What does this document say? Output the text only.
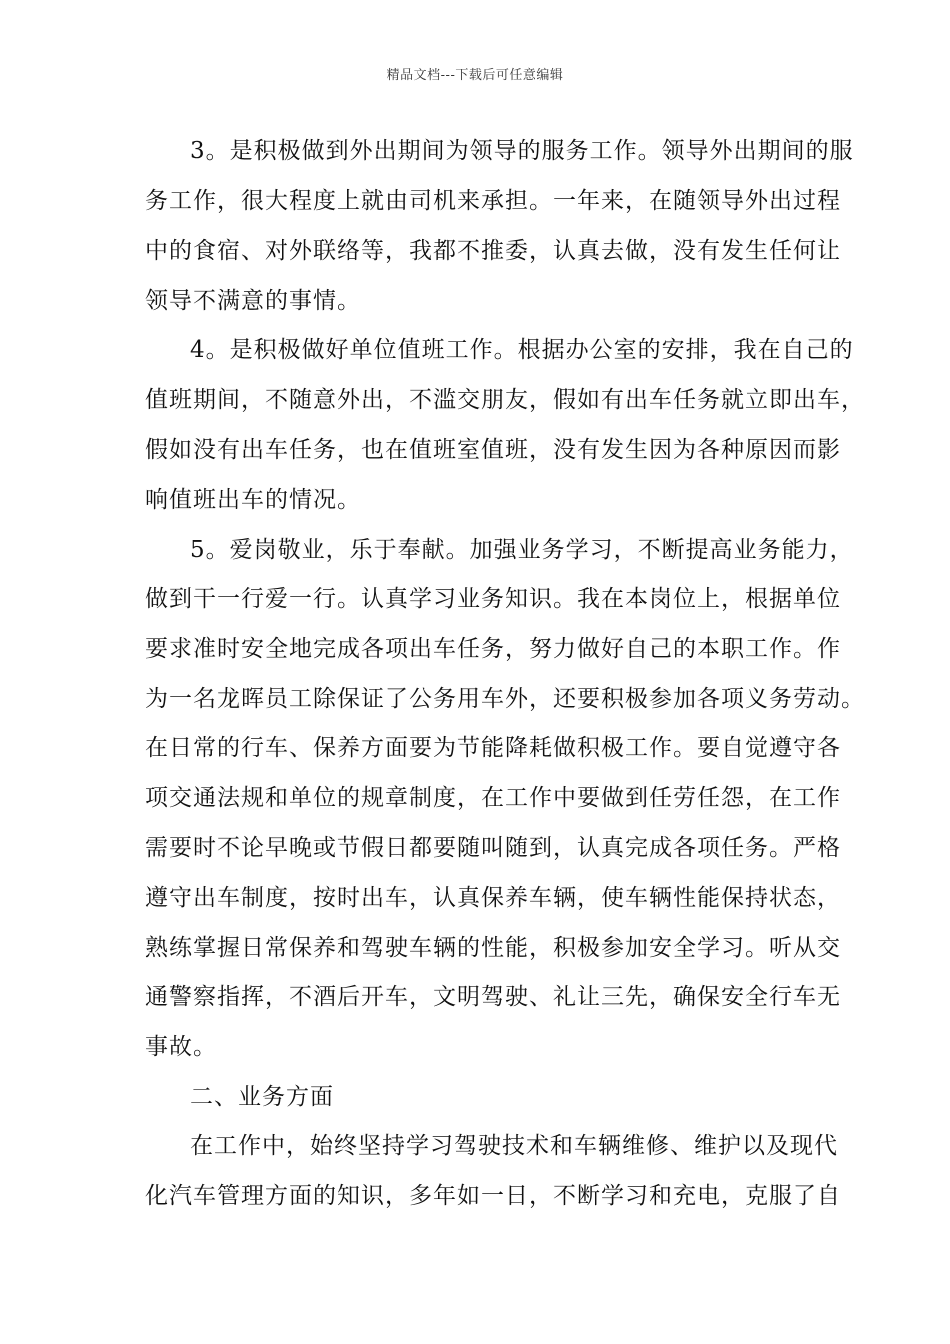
精品文档---下载后可任意编辑
3。是积极做到外出期间为领导的服务工作。领导外出期间的服
务工作，很大程度上就由司机来承担。一年来，在随领导外出过程
中的食宿、对外联络等，我都不推委，认真去做，没有发生任何让
领导不满意的事情。
4。是积极做好单位值班工作。根据办公室的安排，我在自己的
值班期间，不随意外出，不滥交朋友，假如有出车任务就立即出车，
假如没有出车任务，也在值班室值班，没有发生因为各种原因而影
响值班出车的情况。
5。爱岗敬业，乐于奉献。加强业务学习，不断提高业务能力，
做到干一行爱一行。认真学习业务知识。我在本岗位上，根据单位
要求准时安全地完成各项出车任务，努力做好自己的本职工作。作
为一名龙晖员工除保证了公务用车外，还要积极参加各项义务劳动。
在日常的行车、保养方面要为节能降耗做积极工作。要自觉遵守各
项交通法规和单位的规章制度，在工作中要做到任劳任怨，在工作
需要时不论早晚或节假日都要随叫随到，认真完成各项任务。严格
遵守出车制度，按时出车，认真保养车辆，使车辆性能保持状态，
熟练掌握日常保养和驾驶车辆的性能，积极参加安全学习。听从交
通警察指挥，不酒后开车，文明驾驶、礼让三先，确保安全行车无
事故。
二、业务方面
在工作中，始终坚持学习驾驶技术和车辆维修、维护以及现代
化汽车管理方面的知识，多年如一日，不断学习和充电，克服了自
